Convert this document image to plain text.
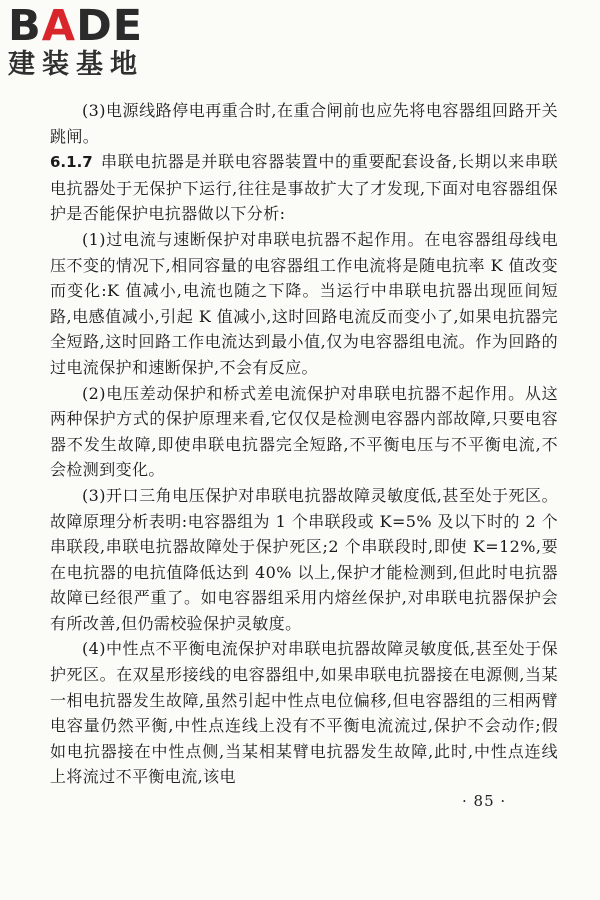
BADE
建装基地

(3)电源线路停电再重合时,在重合闸前也应先将电容器组回路开关跳闸。

6.1.7 串联电抗器是并联电容器装置中的重要配套设备,长期以来串联电抗器处于无保护下运行,往往是事故扩大了才发现,下面对电容器组保护是否能保护电抗器做以下分析:

(1)过电流与速断保护对串联电抗器不起作用。在电容器组母线电压不变的情况下,相同容量的电容器组工作电流将是随电抗率 K 值改变而变化:K 值减小,电流也随之下降。当运行中串联电抗器出现匝间短路,电感值减小,引起 K 值减小,这时回路电流反而变小了,如果电抗器完全短路,这时回路工作电流达到最小值,仅为电容器组电流。作为回路的过电流保护和速断保护,不会有反应。

(2)电压差动保护和桥式差电流保护对串联电抗器不起作用。从这两种保护方式的保护原理来看,它仅仅是检测电容器内部故障,只要电容器不发生故障,即使串联电抗器完全短路,不平衡电压与不平衡电流,不会检测到变化。

(3)开口三角电压保护对串联电抗器故障灵敏度低,甚至处于死区。故障原理分析表明:电容器组为 1 个串联段或 K=5% 及以下时的 2 个串联段,串联电抗器故障处于保护死区;2 个串联段时,即使 K=12%,要在电抗器的电抗值降低达到 40% 以上,保护才能检测到,但此时电抗器故障已经很严重了。如电容器组采用内熔丝保护,对串联电抗器保护会有所改善,但仍需校验保护灵敏度。

(4)中性点不平衡电流保护对串联电抗器故障灵敏度低,甚至处于保护死区。在双星形接线的电容器组中,如果串联电抗器接在电源侧,当某一相电抗器发生故障,虽然引起中性点电位偏移,但电容器组的三相两臂电容量仍然平衡,中性点连线上没有不平衡电流流过,保护不会动作;假如电抗器接在中性点侧,当某相某臂电抗器发生故障,此时,中性点连线上将流过不平衡电流,该电

· 85 ·
